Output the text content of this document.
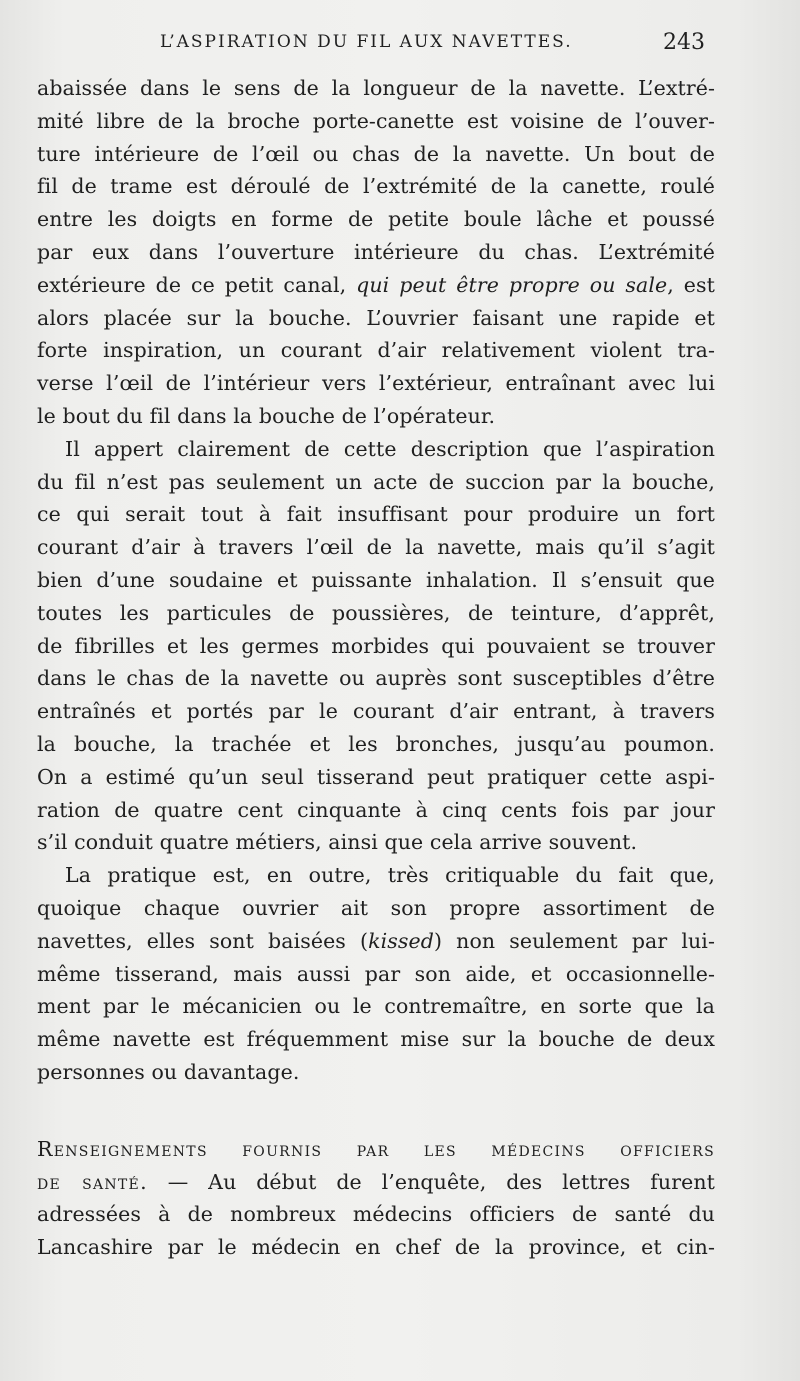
L’ASPIRATION DU FIL AUX NAVETTES.	243
abaissée dans le sens de la longueur de la navette. L’extré-
mité libre de la broche porte-canette est voisine de l’ouver-
ture intérieure de l’œil ou chas de la navette. Un bout de
fil de trame est déroulé de l’extrémité de la canette, roulé
entre les doigts en forme de petite boule lâche et poussé
par eux dans l’ouverture intérieure du chas. L’extrémité
extérieure de ce petit canal, qui peut être propre ou sale, est
alors placée sur la bouche. L’ouvrier faisant une rapide et
forte inspiration, un courant d’air relativement violent tra-
verse l’œil de l’intérieur vers l’extérieur, entraînant avec lui
le bout du fil dans la bouche de l’opérateur.
Il appert clairement de cette description que l’aspiration
du fil n’est pas seulement un acte de succion par la bouche,
ce qui serait tout à fait insuffisant pour produire un fort
courant d’air à travers l’œil de la navette, mais qu’il s’agit
bien d’une soudaine et puissante inhalation. Il s’ensuit que
toutes les particules de poussières, de teinture, d’apprêt,
de fibrilles et les germes morbides qui pouvaient se trouver
dans le chas de la navette ou auprès sont susceptibles d’être
entraînés et portés par le courant d’air entrant, à travers
la bouche, la trachée et les bronches, jusqu’au poumon.
On a estimé qu’un seul tisserand peut pratiquer cette aspi-
ration de quatre cent cinquante à cinq cents fois par jour
s’il conduit quatre métiers, ainsi que cela arrive souvent.
La pratique est, en outre, très critiquable du fait que,
quoique chaque ouvrier ait son propre assortiment de
navettes, elles sont baisées (kissed) non seulement par lui-
même tisserand, mais aussi par son aide, et occasionnelle-
ment par le mécanicien ou le contremaître, en sorte que la
même navette est fréquemment mise sur la bouche de deux
personnes ou davantage.
Renseignements fournis par les médecins officiers
de santé. — Au début de l’enquête, des lettres furent
adressées à de nombreux médecins officiers de santé du
Lancashire par le médecin en chef de la province, et cin-
